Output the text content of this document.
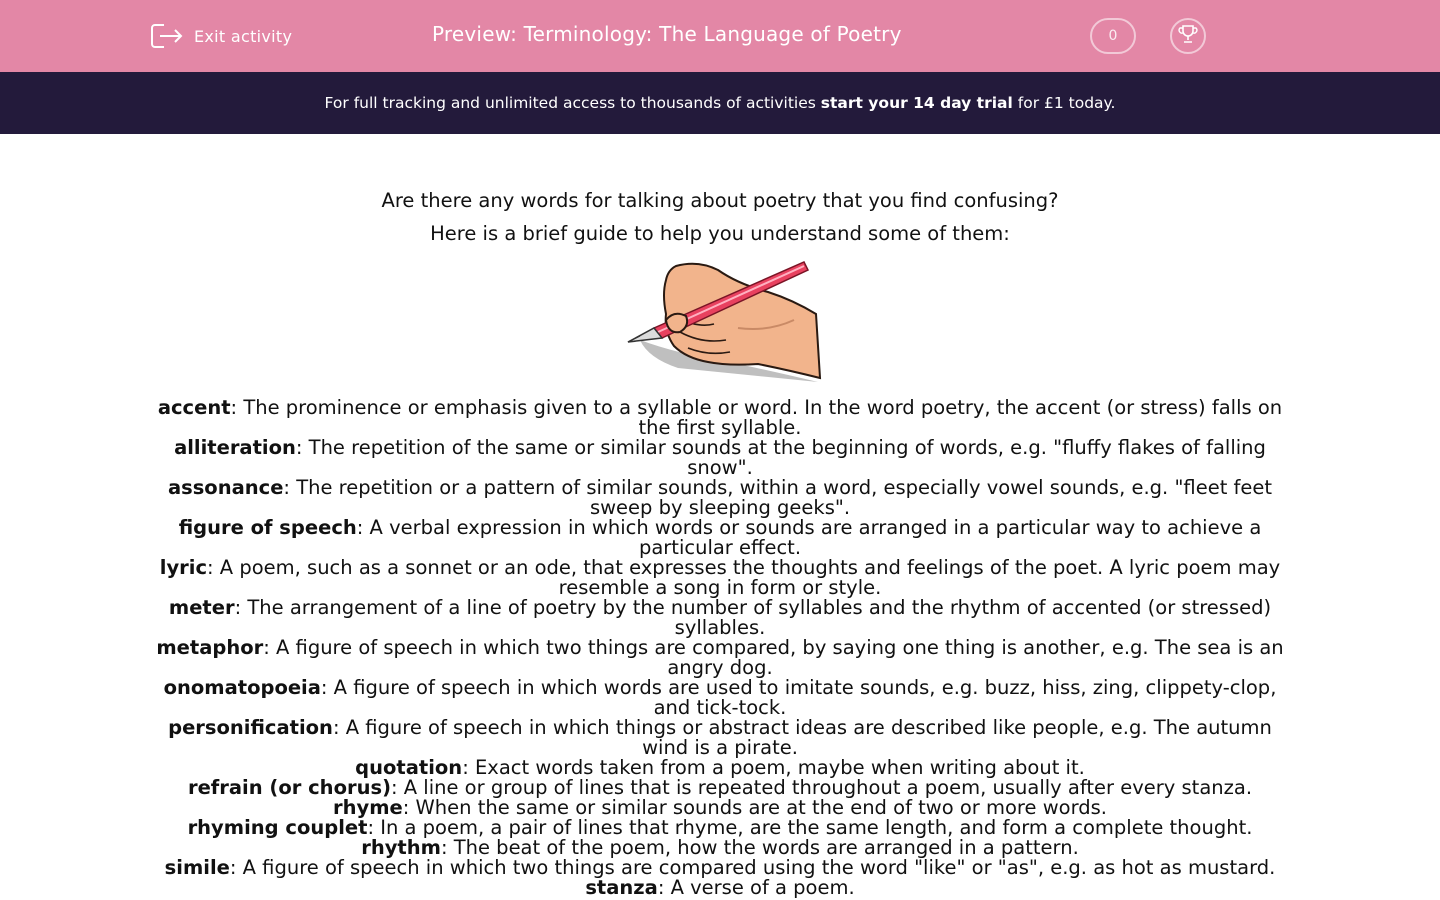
Exit activity	Preview: Terminology: The Language of Poetry	0
For full tracking and unlimited access to thousands of activities start your 14 day trial for £1 today.

Are there any words for talking about poetry that you find confusing?

Here is a brief guide to help you understand some of them:

accent: The prominence or emphasis given to a syllable or word. In the word poetry, the accent (or stress) falls on the first syllable.

alliteration: The repetition of the same or similar sounds at the beginning of words, e.g. "fluffy flakes of falling snow".

assonance: The repetition or a pattern of similar sounds, within a word, especially vowel sounds, e.g. "fleet feet sweep by sleeping geeks".

figure of speech: A verbal expression in which words or sounds are arranged in a particular way to achieve a particular effect.

lyric: A poem, such as a sonnet or an ode, that expresses the thoughts and feelings of the poet. A lyric poem may resemble a song in form or style.

meter: The arrangement of a line of poetry by the number of syllables and the rhythm of accented (or stressed) syllables.

metaphor: A figure of speech in which two things are compared, by saying one thing is another, e.g. The sea is an angry dog.

onomatopoeia: A figure of speech in which words are used to imitate sounds, e.g. buzz, hiss, zing, clippety-clop, and tick-tock.

personification: A figure of speech in which things or abstract ideas are described like people, e.g. The autumn wind is a pirate.

quotation: Exact words taken from a poem, maybe when writing about it.

refrain (or chorus): A line or group of lines that is repeated throughout a poem, usually after every stanza.

rhyme: When the same or similar sounds are at the end of two or more words.

rhyming couplet: In a poem, a pair of lines that rhyme, are the same length, and form a complete thought.

rhythm: The beat of the poem, how the words are arranged in a pattern.

simile: A figure of speech in which two things are compared using the word "like" or "as", e.g. as hot as mustard.

stanza: A verse of a poem.
